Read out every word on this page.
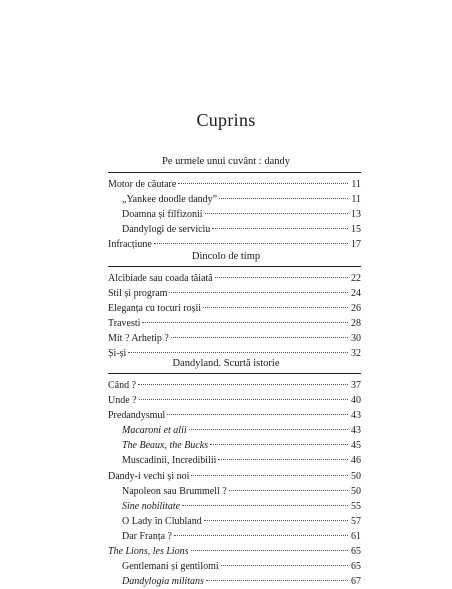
Cuprins
Pe urmele unui cuvânt : dandy
Motor de căutare	11
„Yankee doodle dandy”	11
Doamna și filfizonii	13
Dandylogi de serviciu	15
Infracțiune	17
Dincolo de timp
Alcibiade sau coada tăiată	22
Stil și program	24
Eleganța cu tocuri roșii	26
Travesti	28
Mit ? Arhetip ?	30
Și-și	32
Dandyland. Scurtă istorie
Când ?	37
Unde ?	40
Predandysmul	43
Macaroni et alii	43
The Beaux, the Bucks	45
Muscadinii, Incredibilii	46
Dandy-i vechi și noi	50
Napoleon sau Brummell ?	50
Sine nobilitate	55
O Lady în Clubland	57
Dar Franța ?	61
The Lions, les Lions	65
Gentlemani și gentilomi	65
Dandylogia militans	67
